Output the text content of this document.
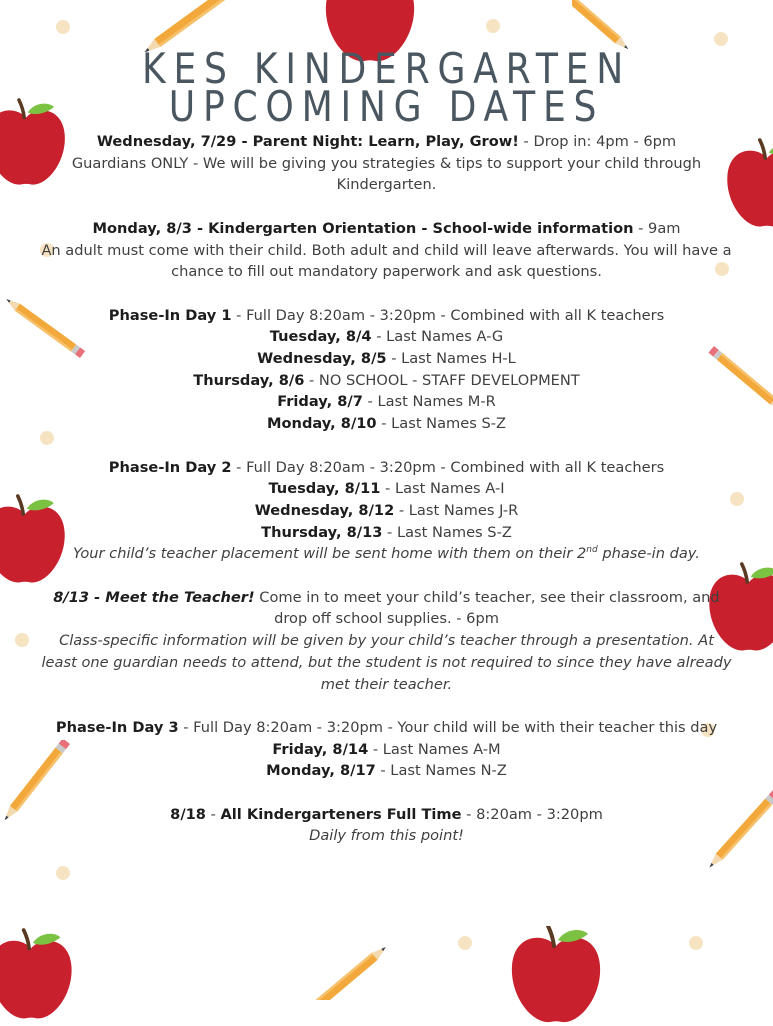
KES KINDERGARTEN
UPCOMING DATES

Wednesday, 7/29 - Parent Night: Learn, Play, Grow! - Drop in: 4pm - 6pm

Guardians ONLY - We will be giving you strategies & tips to support your child through Kindergarten.

Monday, 8/3 - Kindergarten Orientation - School-wide information - 9am

An adult must come with their child. Both adult and child will leave afterwards. You will have a chance to fill out mandatory paperwork and ask questions.

Phase-In Day 1 - Full Day 8:20am - 3:20pm - Combined with all K teachers

Tuesday, 8/4 - Last Names A-G

Wednesday, 8/5 - Last Names H-L

Thursday, 8/6 - NO SCHOOL - STAFF DEVELOPMENT

Friday, 8/7 - Last Names M-R

Monday, 8/10 - Last Names S-Z

Phase-In Day 2 - Full Day 8:20am - 3:20pm - Combined with all K teachers

Tuesday, 8/11 - Last Names A-I

Wednesday, 8/12 - Last Names J-R

Thursday, 8/13 - Last Names S-Z

Your child’s teacher placement will be sent home with them on their 2nd phase-in day.

8/13 - Meet the Teacher! Come in to meet your child’s teacher, see their classroom, and drop off school supplies. - 6pm

Class-specific information will be given by your child’s teacher through a presentation. At least one guardian needs to attend, but the student is not required to since they have already met their teacher.

Phase-In Day 3 - Full Day 8:20am - 3:20pm - Your child will be with their teacher this day

Friday, 8/14 - Last Names A-M

Monday, 8/17 - Last Names N-Z

8/18 - All Kindergarteners Full Time - 8:20am - 3:20pm

Daily from this point!
